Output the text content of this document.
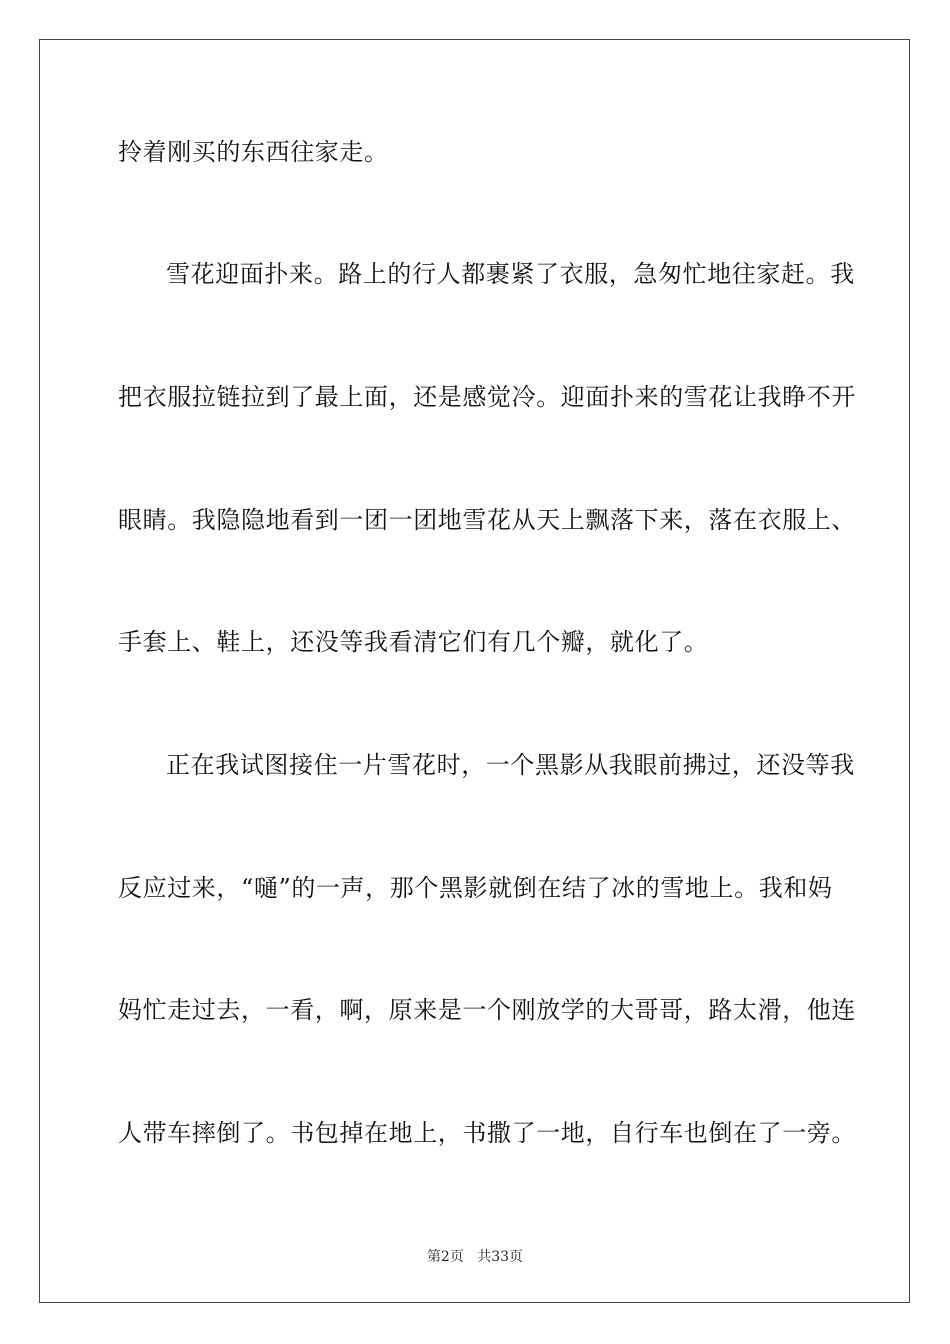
拎着刚买的东西往家走。
雪花迎面扑来。路上的行人都裹紧了衣服，急匆忙地往家赶。我
把衣服拉链拉到了最上面，还是感觉冷。迎面扑来的雪花让我睁不开
眼睛。我隐隐地看到一团一团地雪花从天上飘落下来，落在衣服上、
手套上、鞋上，还没等我看清它们有几个瓣，就化了。
正在我试图接住一片雪花时，一个黑影从我眼前拂过，还没等我
反应过来，“嗵”的一声，那个黑影就倒在结了冰的雪地上。我和妈
妈忙走过去，一看，啊，原来是一个刚放学的大哥哥，路太滑，他连
人带车摔倒了。书包掉在地上，书撒了一地，自行车也倒在了一旁。
第2页 共33页
